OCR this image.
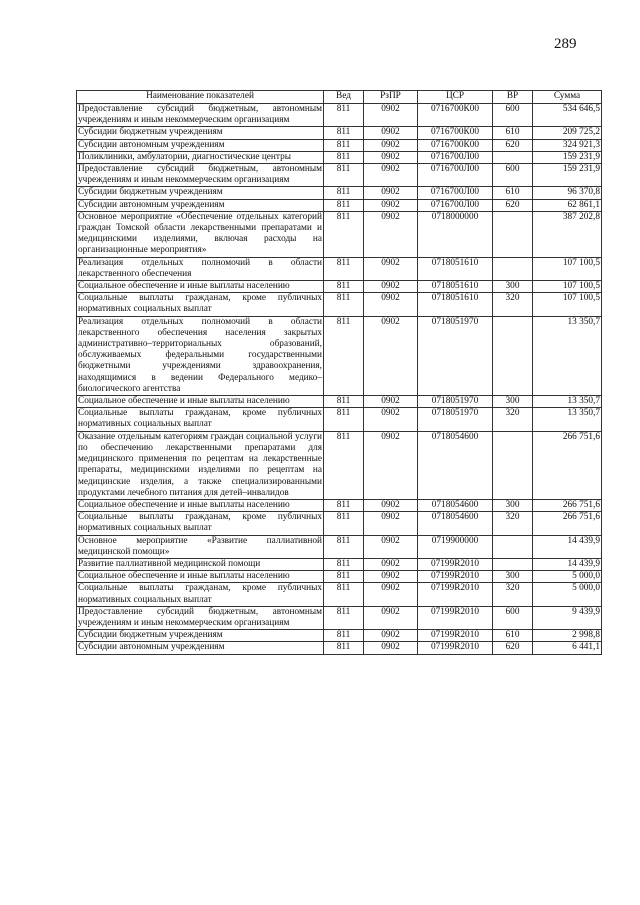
289
Наименование показателей	Вед	РзПР	ЦСР	ВР	Сумма
Предоставление субсидий бюджетным, автономным учреждениям и иным некоммерческим организациям	811	0902	0716700К00	600	534 646,5
Субсидии бюджетным учреждениям	811	0902	0716700К00	610	209 725,2
Субсидии автономным учреждениям	811	0902	0716700К00	620	324 921,3
Поликлиники, амбулатории, диагностические центры	811	0902	0716700Л00		159 231,9
Предоставление субсидий бюджетным, автономным учреждениям и иным некоммерческим организациям	811	0902	0716700Л00	600	159 231,9
Субсидии бюджетным учреждениям	811	0902	0716700Л00	610	96 370,8
Субсидии автономным учреждениям	811	0902	0716700Л00	620	62 861,1
Основное мероприятие «Обеспечение отдельных категорий граждан Томской области лекарственными препаратами и медицинскими изделиями, включая расходы на организационные мероприятия»	811	0902	0718000000		387 202,8
Реализация отдельных полномочий в области лекарственного обеспечения	811	0902	0718051610		107 100,5
Социальное обеспечение и иные выплаты населению	811	0902	0718051610	300	107 100,5
Социальные выплаты гражданам, кроме публичных нормативных социальных выплат	811	0902	0718051610	320	107 100,5
Реализация отдельных полномочий в области лекарственного обеспечения населения закрытых административно–территориальных образований, обслуживаемых федеральными государственными бюджетными учреждениями здравоохранения, находящимися в ведении Федерального медико–биологического агентства	811	0902	0718051970		13 350,7
Социальное обеспечение и иные выплаты населению	811	0902	0718051970	300	13 350,7
Социальные выплаты гражданам, кроме публичных нормативных социальных выплат	811	0902	0718051970	320	13 350,7
Оказание отдельным категориям граждан социальной услуги по обеспечению лекарственными препаратами для медицинского применения по рецептам на лекарственные препараты, медицинскими изделиями по рецептам на медицинские изделия, а также специализированными продуктами лечебного питания для детей–инвалидов	811	0902	0718054600		266 751,6
Социальное обеспечение и иные выплаты населению	811	0902	0718054600	300	266 751,6
Социальные выплаты гражданам, кроме публичных нормативных социальных выплат	811	0902	0718054600	320	266 751,6
Основное мероприятие «Развитие паллиативной медицинской помощи»	811	0902	0719900000		14 439,9
Развитие паллиативной медицинской помощи	811	0902	07199R2010		14 439,9
Социальное обеспечение и иные выплаты населению	811	0902	07199R2010	300	5 000,0
Социальные выплаты гражданам, кроме публичных нормативных социальных выплат	811	0902	07199R2010	320	5 000,0
Предоставление субсидий бюджетным, автономным учреждениям и иным некоммерческим организациям	811	0902	07199R2010	600	9 439,9
Субсидии бюджетным учреждениям	811	0902	07199R2010	610	2 998,8
Субсидии автономным учреждениям	811	0902	07199R2010	620	6 441,1
